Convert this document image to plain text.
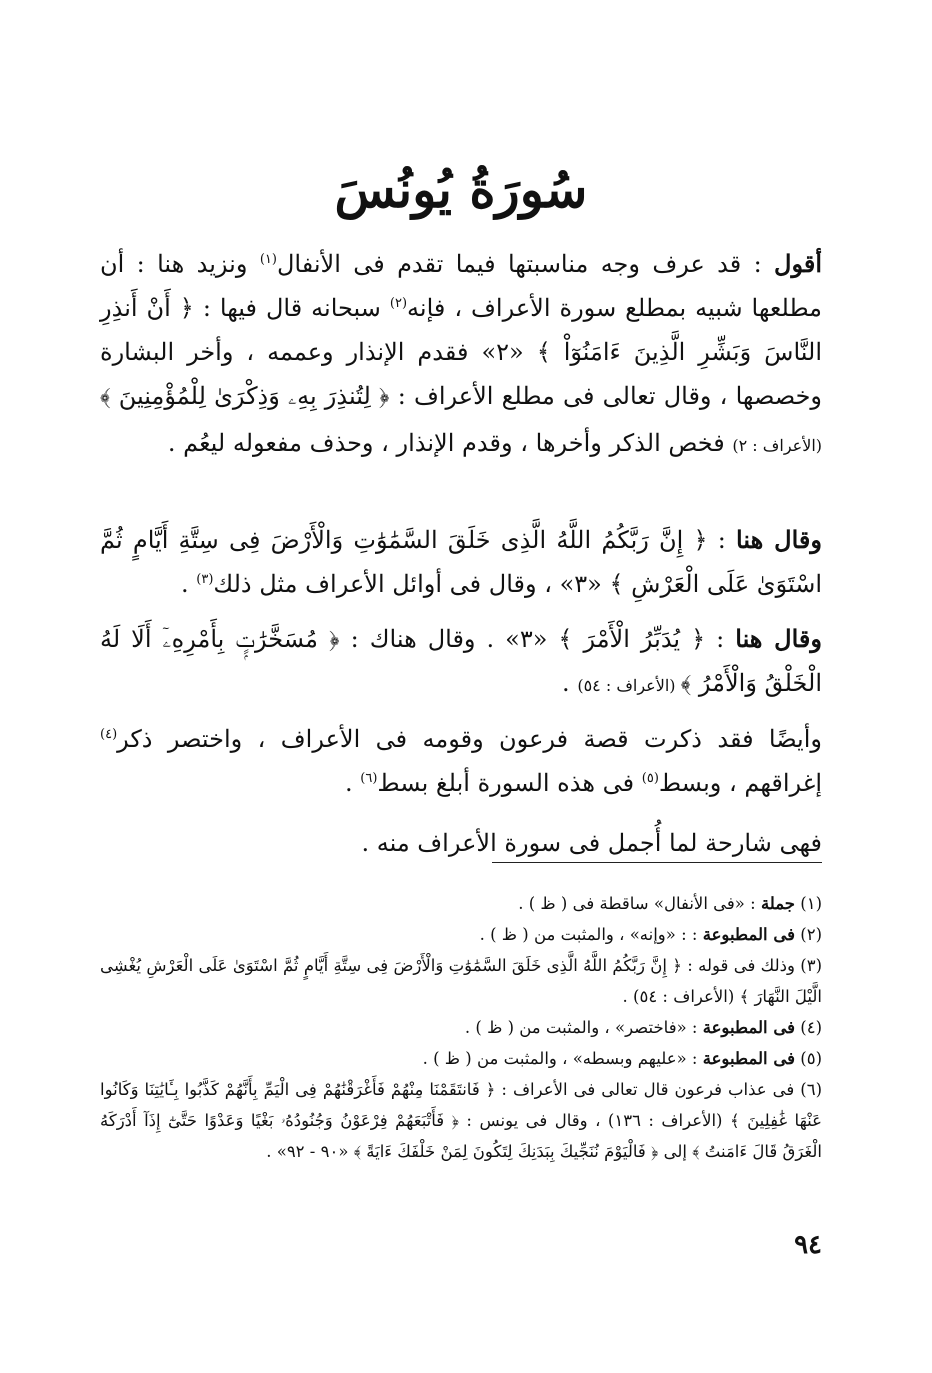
سُورَةُ يُونُسَ
أقول : قد عرف وجه مناسبتها فيما تقدم فى الأنفال$^{(١)}$ ونزيد هنا : أن مطلعها شبيه بمطلع سورة الأعراف ، فإنه$^{(٢)}$ سبحانه قال فيها : ﴿ أَنْ أَنذِرِ النَّاسَ وَبَشِّرِ الَّذِينَ ءَامَنُوٓاْ ﴾ «٢» فقدم الإنذار وعممه ، وأخر البشارة وخصصها ، وقال تعالى فى مطلع الأعراف : ﴿ لِتُنذِرَ بِهِۦ وَذِكْرَىٰ لِلْمُؤْمِنِينَ ﴾ (الأعراف : ٢) فخص الذكر وأخرها ، وقدم الإنذار ، وحذف مفعوله ليعُم .
وقال هنا : ﴿ إِنَّ رَبَّكُمُ اللَّهُ الَّذِى خَلَقَ السَّمَٰوَٰتِ وَالْأَرْضَ فِى سِتَّةِ أَيَّامٍ ثُمَّ اسْتَوَىٰ عَلَى الْعَرْشِ ﴾ «٣» ، وقال فى أوائل الأعراف مثل ذلك$^{(٣)}$ .
وقال هنا : ﴿ يُدَبِّرُ الْأَمْرَ ﴾ «٣» . وقال هناك : ﴿ مُسَخَّرَٰتٍۭ بِأَمْرِهِۦٓ أَلَا لَهُ الْخَلْقُ وَالْأَمْرُ ﴾ (الأعراف : ٥٤) .
وأيضًا فقد ذكرت قصة فرعون وقومه فى الأعراف ، واختصر ذكر$^{(٤)}$ إغراقهم ، وبسط$^{(٥)}$ فى هذه السورة أبلغ بسط$^{(٦)}$ .
فهى شارحة لما أُجمل فى سورة الأعراف منه .

(١) جملة : «فى الأنفال» ساقطة فى ( ظ ) .

(٢) فى المطبوعة : : «وإنه» ، والمثبت من ( ظ ) .

(٣) وذلك فى قوله : ﴿ إِنَّ رَبَّكُمُ اللَّهُ الَّذِى خَلَقَ السَّمَٰوَٰتِ وَالْأَرْضَ فِى سِتَّةِ أَيَّامٍ ثُمَّ اسْتَوَىٰ عَلَى الْعَرْشِ يُغْشِى الَّيْلَ النَّهَارَ ﴾ (الأعراف : ٥٤) .

(٤) فى المطبوعة : «فاختصر» ، والمثبت من ( ظ ) .

(٥) فى المطبوعة : «عليهم وبسطه» ، والمثبت من ( ظ ) .

(٦) فى عذاب فرعون قال تعالى فى الأعراف : ﴿ فَانتَقَمْنَا مِنْهُمْ فَأَغْرَقْنَٰهُمْ فِى الْيَمِّ بِأَنَّهُمْ كَذَّبُوا بِـَٔايَٰتِنَا وَكَانُوا عَنْهَا غَٰفِلِينَ ﴾ (الأعراف : ١٣٦) ، وقال فى يونس : ﴿ فَأَتْبَعَهُمْ فِرْعَوْنُ وَجُنُودُهُۥ بَغْيًا وَعَدْوًا حَتَّىٰٓ إِذَآ أَدْرَكَهُ الْغَرَقُ قَالَ ءَامَنتُ ﴾ إلى ﴿ فَالْيَوْمَ نُنَجِّيكَ بِبَدَنِكَ لِتَكُونَ لِمَنْ خَلْفَكَ ءَايَةً ﴾ «٩٠ - ٩٢» .

٩٤
